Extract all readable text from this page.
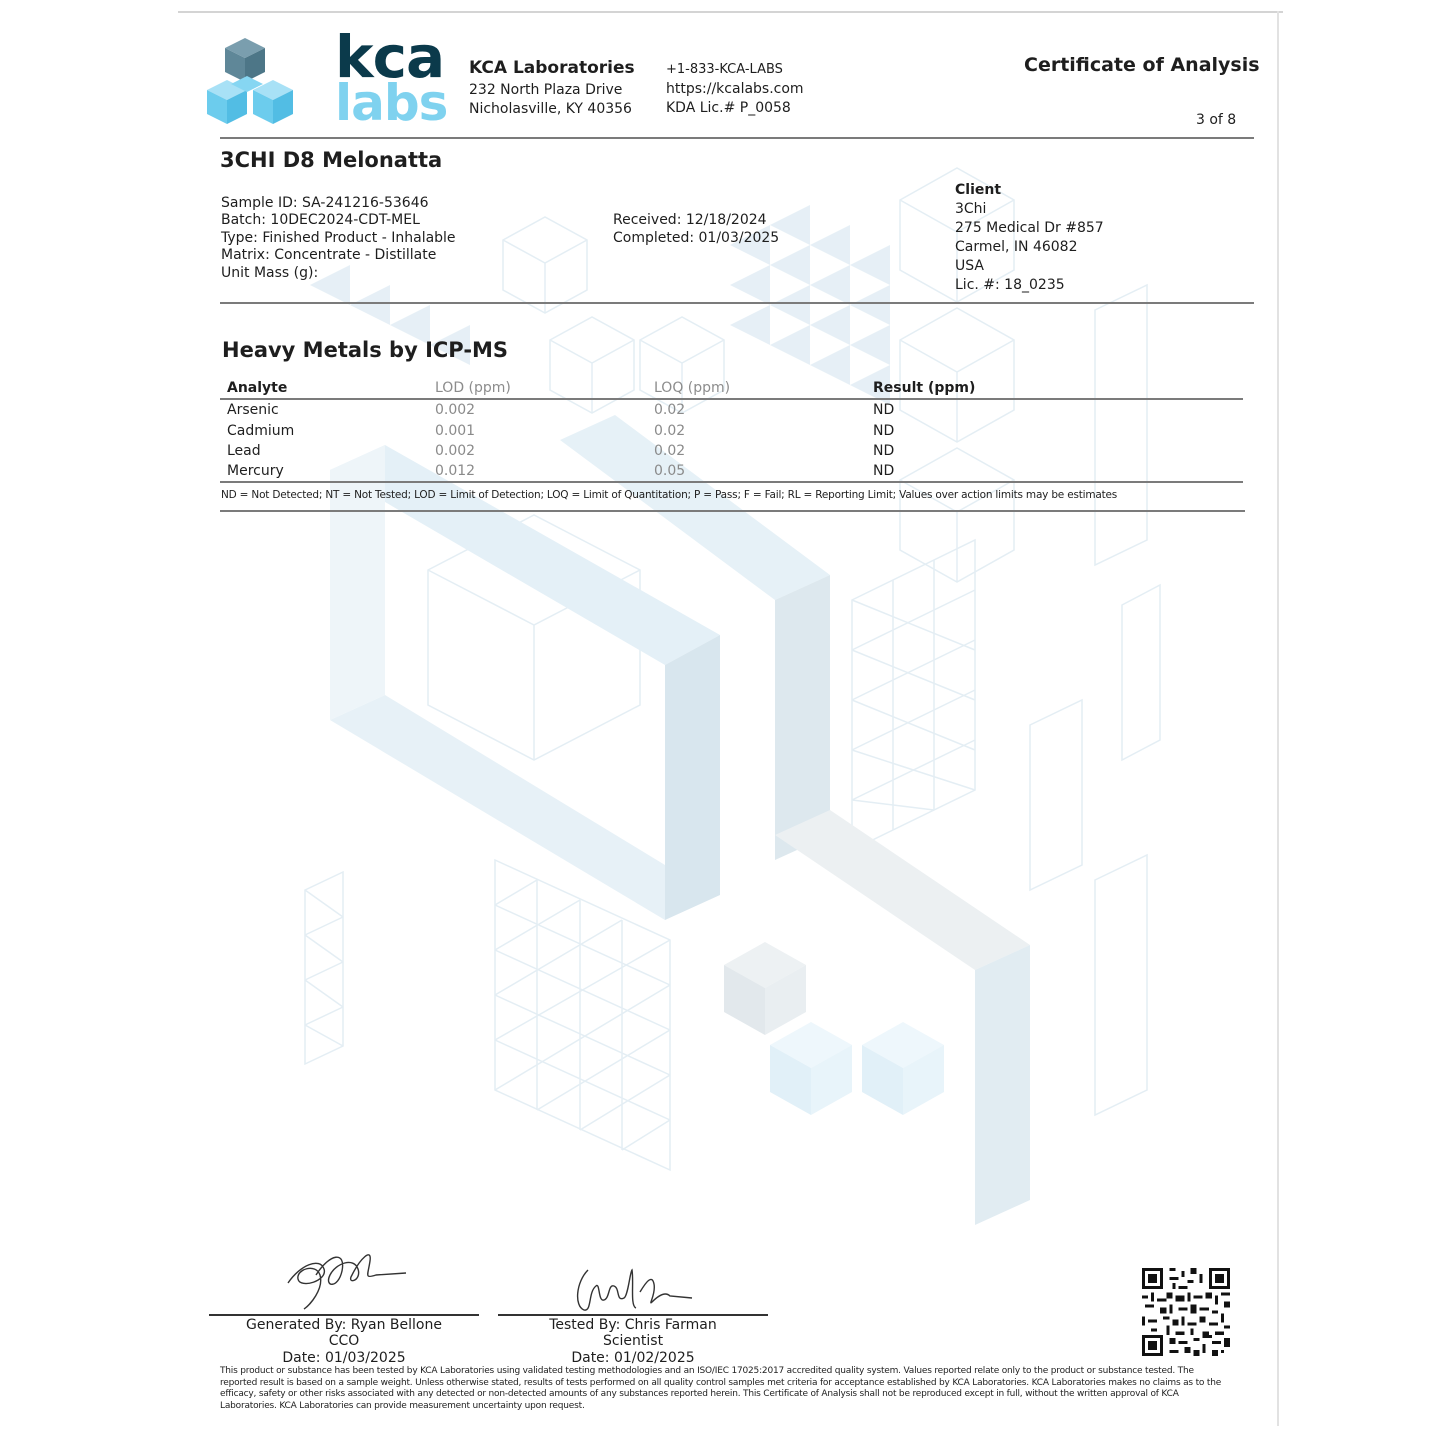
kca
labs
KCA Laboratories
232 North Plaza Drive
Nicholasville, KY 40356
+1-833-KCA-LABS
https://kcalabs.com
KDA Lic.# P_0058
Certificate of Analysis
3 of 8
3CHI D8 Melonatta
Sample ID: SA-241216-53646
Batch: 10DEC2024-CDT-MEL
Type: Finished Product - Inhalable
Matrix: Concentrate - Distillate
Unit Mass (g):
Received: 12/18/2024
Completed: 01/03/2025
Client
3Chi
275 Medical Dr #857
Carmel, IN 46082
USA
Lic. #: 18_0235
Heavy Metals by ICP-MS
Analyte	LOD (ppm)	LOQ (ppm)	Result (ppm)
Arsenic	0.002	0.02	ND
Cadmium	0.001	0.02	ND
Lead	0.002	0.02	ND
Mercury	0.012	0.05	ND
ND = Not Detected; NT = Not Tested; LOD = Limit of Detection; LOQ = Limit of Quantitation; P = Pass; F = Fail; RL = Reporting Limit; Values over action limits may be estimates
Generated By: Ryan Bellone
CCO
Date: 01/03/2025
Tested By: Chris Farman
Scientist
Date: 01/02/2025
This product or substance has been tested by KCA Laboratories using validated testing methodologies and an ISO/IEC 17025:2017 accredited quality system. Values reported relate only to the product or substance tested. The reported result is based on a sample weight. Unless otherwise stated, results of tests performed on all quality control samples met criteria for acceptance established by KCA Laboratories. KCA Laboratories makes no claims as to the efficacy, safety or other risks associated with any detected or non-detected amounts of any substances reported herein. This Certificate of Analysis shall not be reproduced except in full, without the written approval of KCA Laboratories. KCA Laboratories can provide measurement uncertainty upon request.
